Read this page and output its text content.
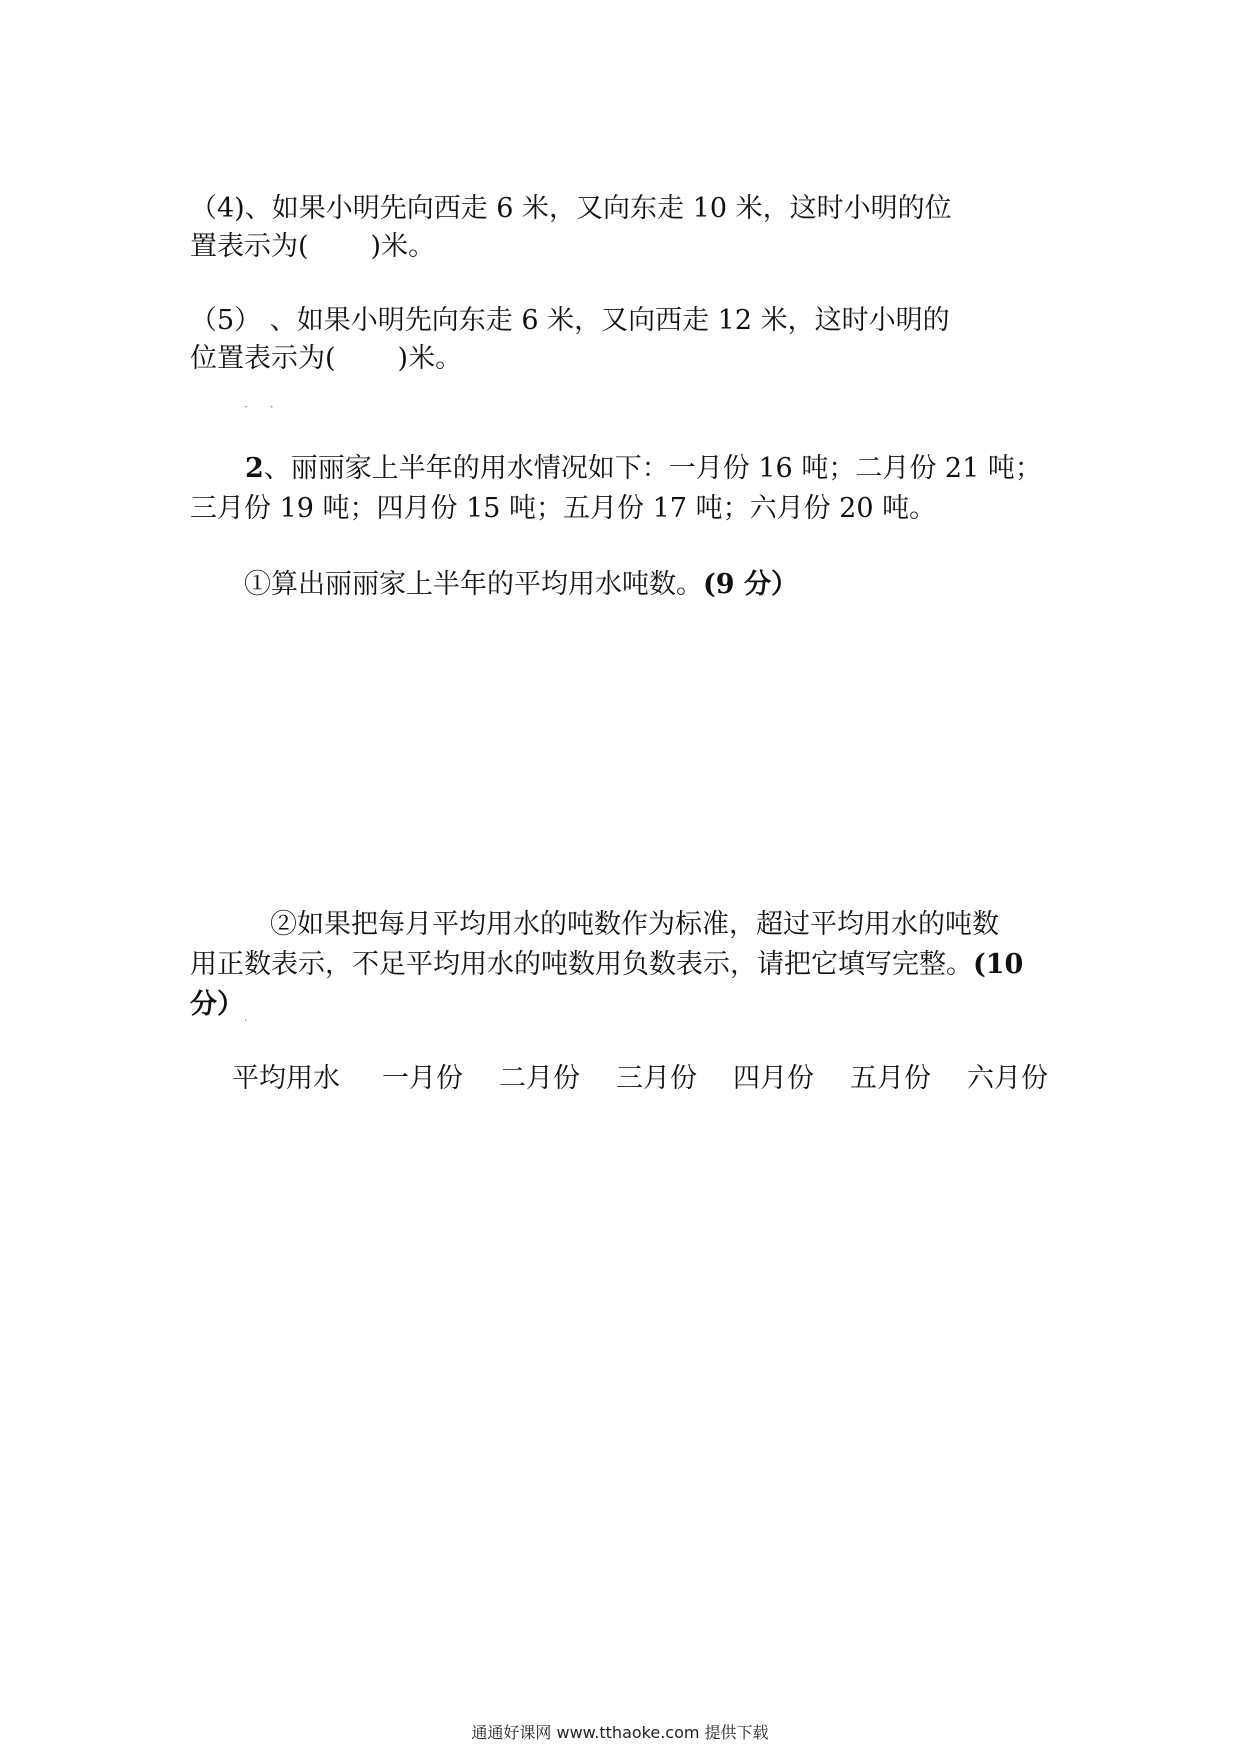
（4)、如果小明先向西走 6 米，又向东走 10 米，这时小明的位
置表示为( )米。
（5） 、如果小明先向东走 6 米，又向西走 12 米，这时小明的
位置表示为( )米。
··
2、丽丽家上半年的用水情况如下：一月份 16 吨；二月份 21 吨；
三月份 19 吨；四月份 15 吨；五月份 17 吨；六月份 20 吨。
①算出丽丽家上半年的平均用水吨数。(9 分）
②如果把每月平均用水的吨数作为标准，超过平均用水的吨数
用正数表示，不足平均用水的吨数用负数表示，请把它填写完整。(10
分）
·
平均用水	一月份	二月份	三月份	四月份	五月份	六月份
通通好课网 www.tthaoke.com 提供下载
